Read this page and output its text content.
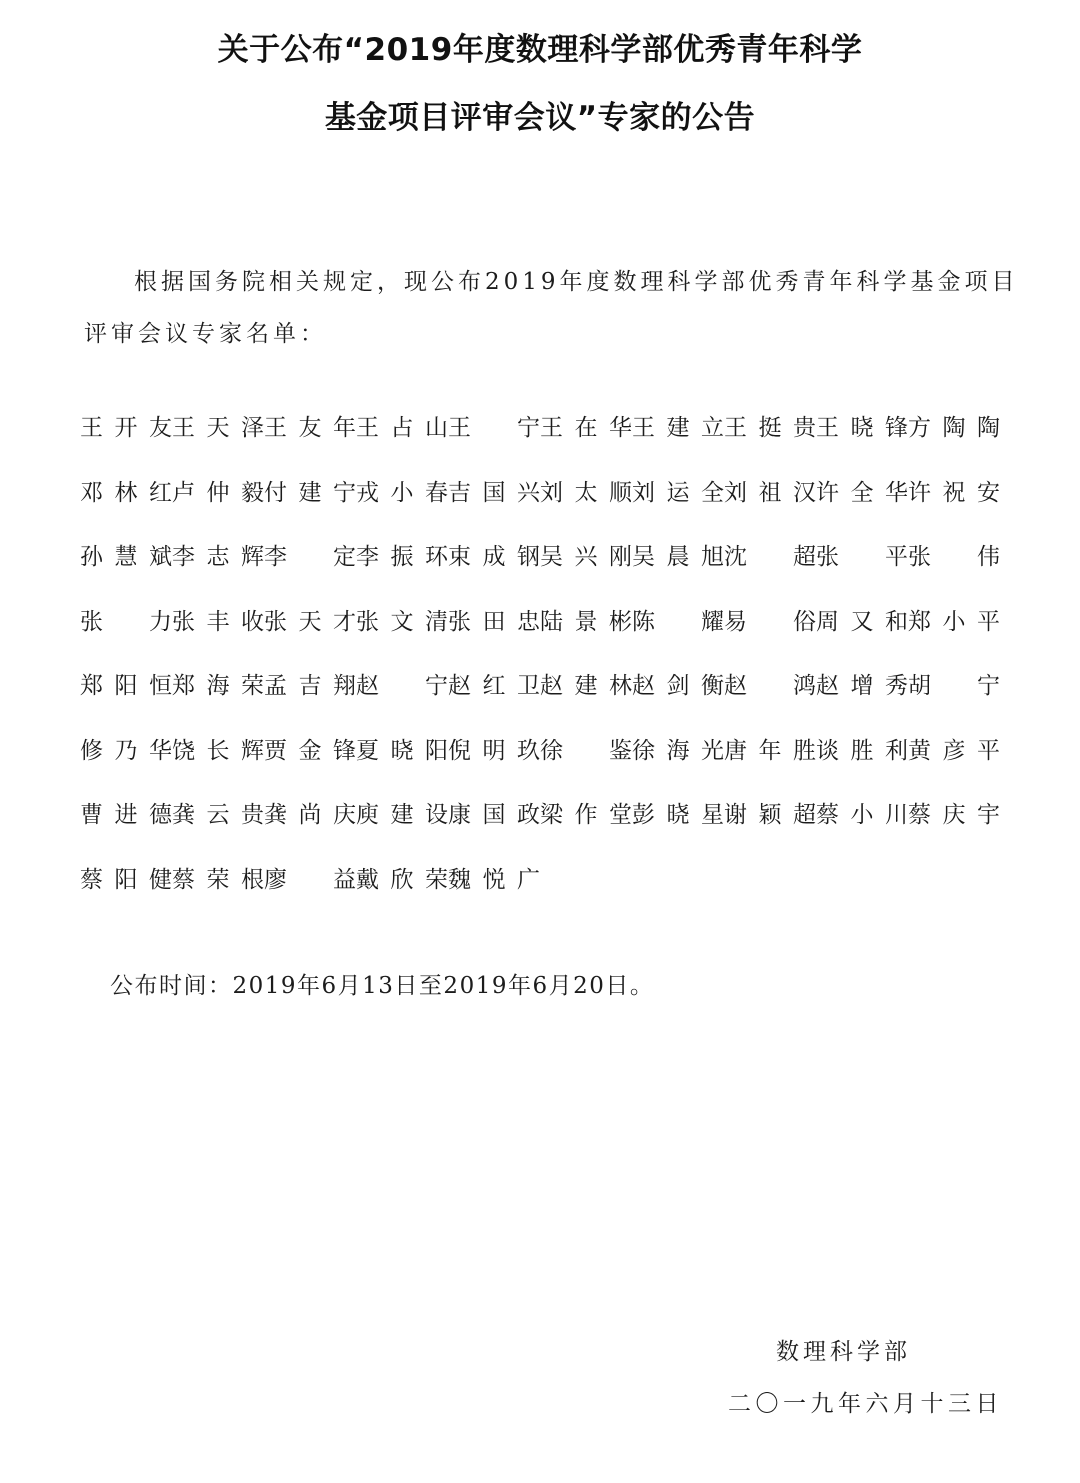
关于公布“2019年度数理科学部优秀青年科学
基金项目评审会议”专家的公告
根据国务院相关规定，现公布2019年度数理科学部优秀青年科学基金项目
评审会议专家名单：
王 开 友 王 天 泽 王 友 年 王 占 山 王 宁 王 在 华 王 建 立 王 挺 贵 王 晓 锋 方 陶 陶
邓 林 红 卢 仲 毅 付 建 宁 戎 小 春 吉 国 兴 刘 太 顺 刘 运 全 刘 祖 汉 许 全 华 许 祝 安
孙 慧 斌 李 志 辉 李 定 李 振 环 束 成 钢 吴 兴 刚 吴 晨 旭 沈 超 张 平 张 伟
张 力 张 丰 收 张 天 才 张 文 清 张 田 忠 陆 景 彬 陈 耀 易 俗 周 又 和 郑 小 平
郑 阳 恒 郑 海 荣 孟 吉 翔 赵 宁 赵 红 卫 赵 建 林 赵 剑 衡 赵 鸿 赵 增 秀 胡 宁
修 乃 华 饶 长 辉 贾 金 锋 夏 晓 阳 倪 明 玖 徐 鉴 徐 海 光 唐 年 胜 谈 胜 利 黄 彦 平
曹 进 德 龚 云 贵 龚 尚 庆 庾 建 设 康 国 政 梁 作 堂 彭 晓 星 谢 颖 超 蔡 小 川 蔡 庆 宇
蔡 阳 健 蔡 荣 根 廖 益 戴 欣 荣 魏 悦 广
公布时间：2019年6月13日至2019年6月20日。
数理科学部
二〇一九年六月十三日
